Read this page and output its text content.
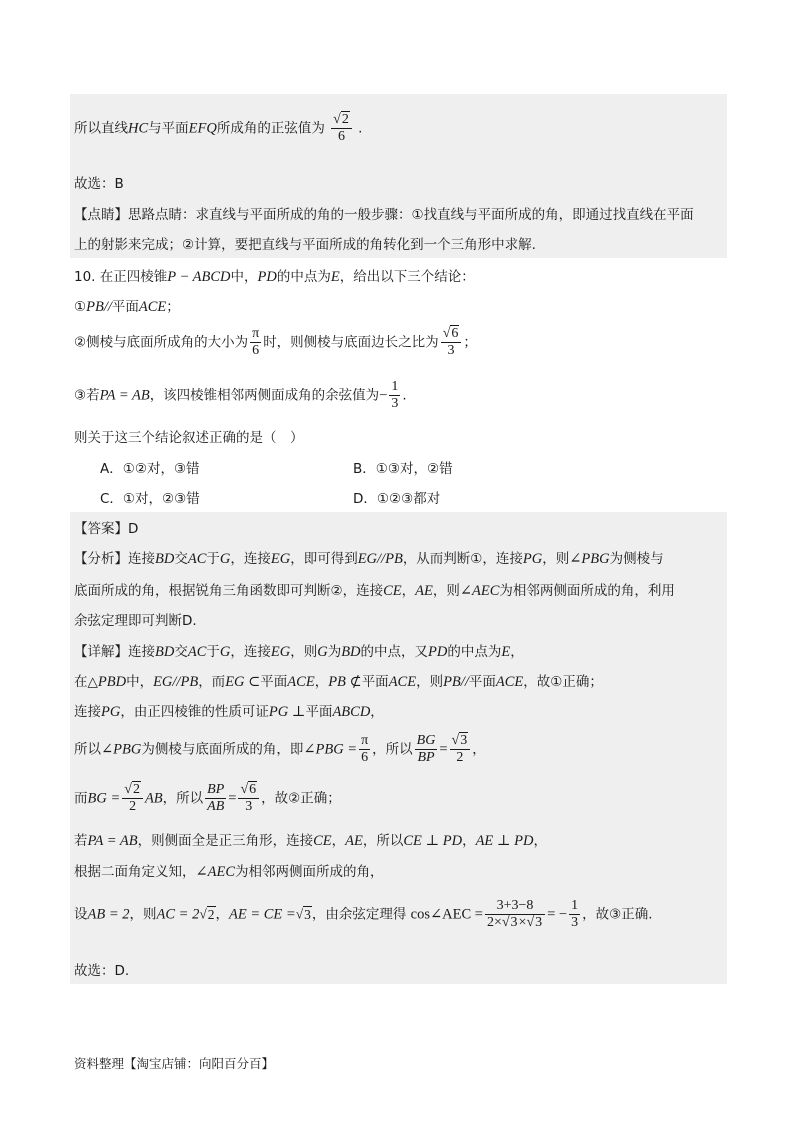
所以直线HC与平面EFQ所成角的正弦值为 $\frac{√2}{6}$ .
故选：B
【点睛】思路点睛：求直线与平面所成的角的一般步骤：①找直线与平面所成的角，即通过找直线在平面
上的射影来完成；②计算，要把直线与平面所成的角转化到一个三角形中求解.
10. 在正四棱锥P − ABCD中，PD的中点为E，给出以下三个结论：
①PB//平面ACE；
②侧棱与底面所成角的大小为 $\frac{\pi}{6}$ 时，则侧棱与底面边长之比为 $\frac{√6}{3}$ ；
③若PA = AB，该四棱锥相邻两侧面成角的余弦值为− $\frac{1}{3}$ .
则关于这三个结论叙述正确的是（　）
A．①②对，③错	B．①③对，②错
C．①对，②③错	D．①②③都对
【答案】D
【分析】连接BD交AC于G，连接EG，即可得到EG//PB，从而判断①，连接PG，则∠PBG为侧棱与
底面所成的角，根据锐角三角函数即可判断②，连接CE，AE，则∠AEC为相邻两侧面所成的角，利用
余弦定理即可判断D.
【详解】连接BD交AC于G，连接EG，则G为BD的中点，又PD的中点为E，
在△PBD中，EG//PB，而EG ⊂平面ACE，PB ⊄平面ACE，则PB//平面ACE，故①正确；
连接PG，由正四棱锥的性质可证PG ⊥平面ABCD，
所以∠PBG为侧棱与底面所成的角，即∠PBG = $\frac{\pi}{6}$ ，所以 $\frac{BG}{BP} = \frac{√3}{2}$ ，
而BG = $\frac{√2}{2}$ AB，所以 $\frac{BP}{AB} = \frac{√6}{3}$ ，故②正确；
若PA = AB，则侧面全是正三角形，连接CE，AE，所以CE ⊥ PD，AE ⊥ PD，
根据二面角定义知，∠AEC为相邻两侧面所成的角，
设AB = 2，则AC = 2√2，AE = CE =√3，由余弦定理得 cos∠AEC = $\frac{3+3-8}{2\times√3\times√3}$ = − $\frac{1}{3}$ ，故③正确.
故选：D.
资料整理【淘宝店铺：向阳百分百】
